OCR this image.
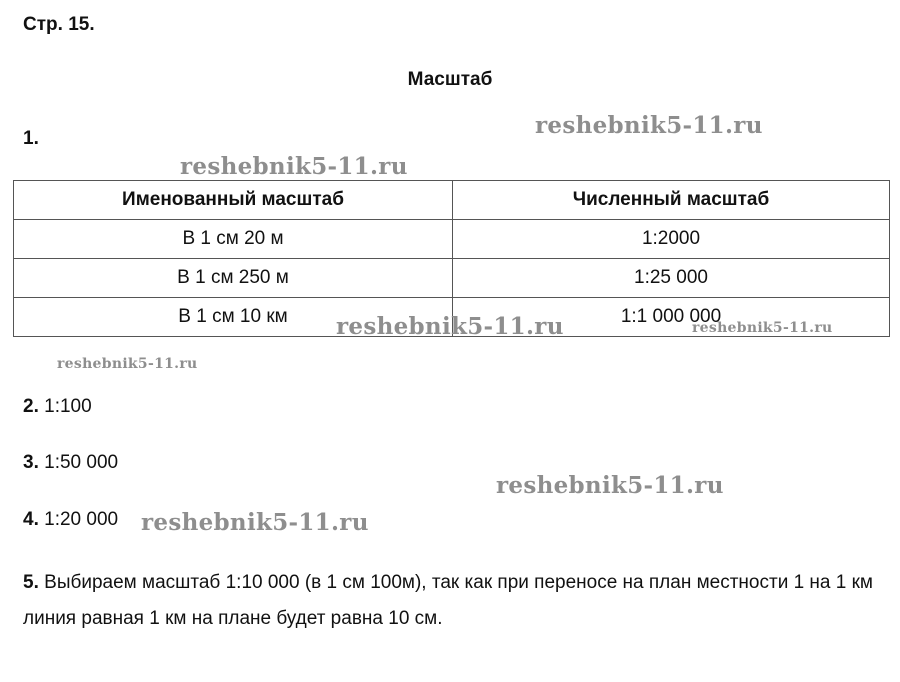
Стр. 15.
Масштаб
1.
Именованный масштаб	Численный масштаб
В 1 см 20 м	1:2000
В 1 см 250 м	1:25 000
В 1 см 10 км	1:1 000 000
2. 1:100
3. 1:50 000
4. 1:20 000
5. Выбираем масштаб 1:10 000 (в 1 см 100м), так как при переносе на план местности 1 на 1 км линия равная 1 км на плане будет равна 10 см.
reshebnik5-11.ru
reshebnik5-11.ru
reshebnik5-11.ru	reshebnik5-11.ru
reshebnik5-11.ru
reshebnik5-11.ru
reshebnik5-11.ru
